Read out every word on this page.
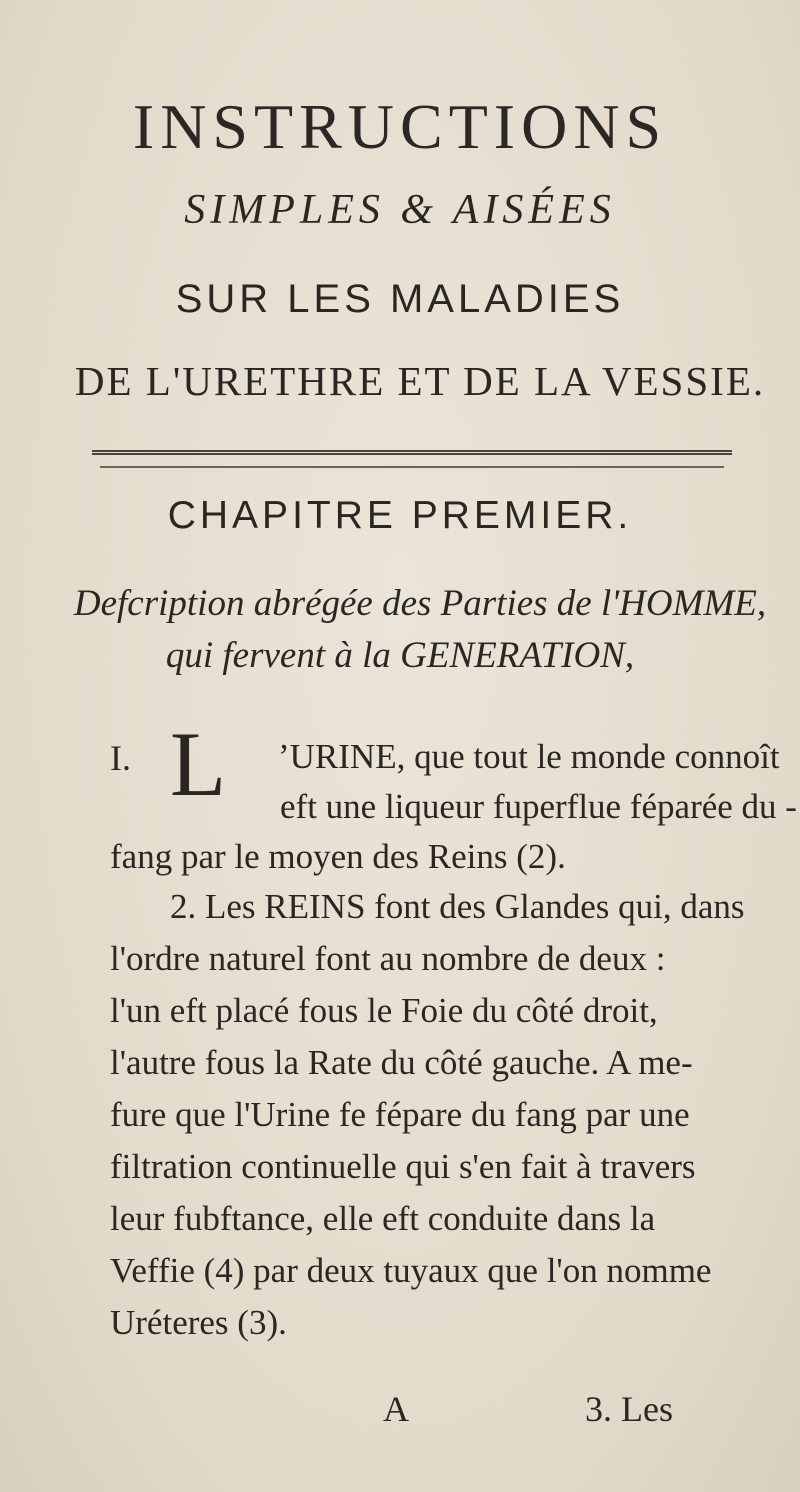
INSTRUCTIONS
SIMPLES & AISÉES
SUR LES MALADIES
DE L'URETHRE ET DE LA VESSIE.
CHAPITRE PREMIER.
Defcription abrégée des Parties de l'HOMME,
qui fervent à la GENERATION,
I. L ’URINE, que tout le monde connoît
eft une liqueur fuperflue féparée du -
fang par le moyen des Reins (2).
2. Les REINS font des Glandes qui, dans
l'ordre naturel font au nombre de deux :
l'un eft placé fous le Foie du côté droit,
l'autre fous la Rate du côté gauche. A me-
fure que l'Urine fe fépare du fang par une
filtration continuelle qui s'en fait à travers
leur fubftance, elle eft conduite dans la
Veffie (4) par deux tuyaux que l'on nomme
Uréteres (3).
A	3. Les
